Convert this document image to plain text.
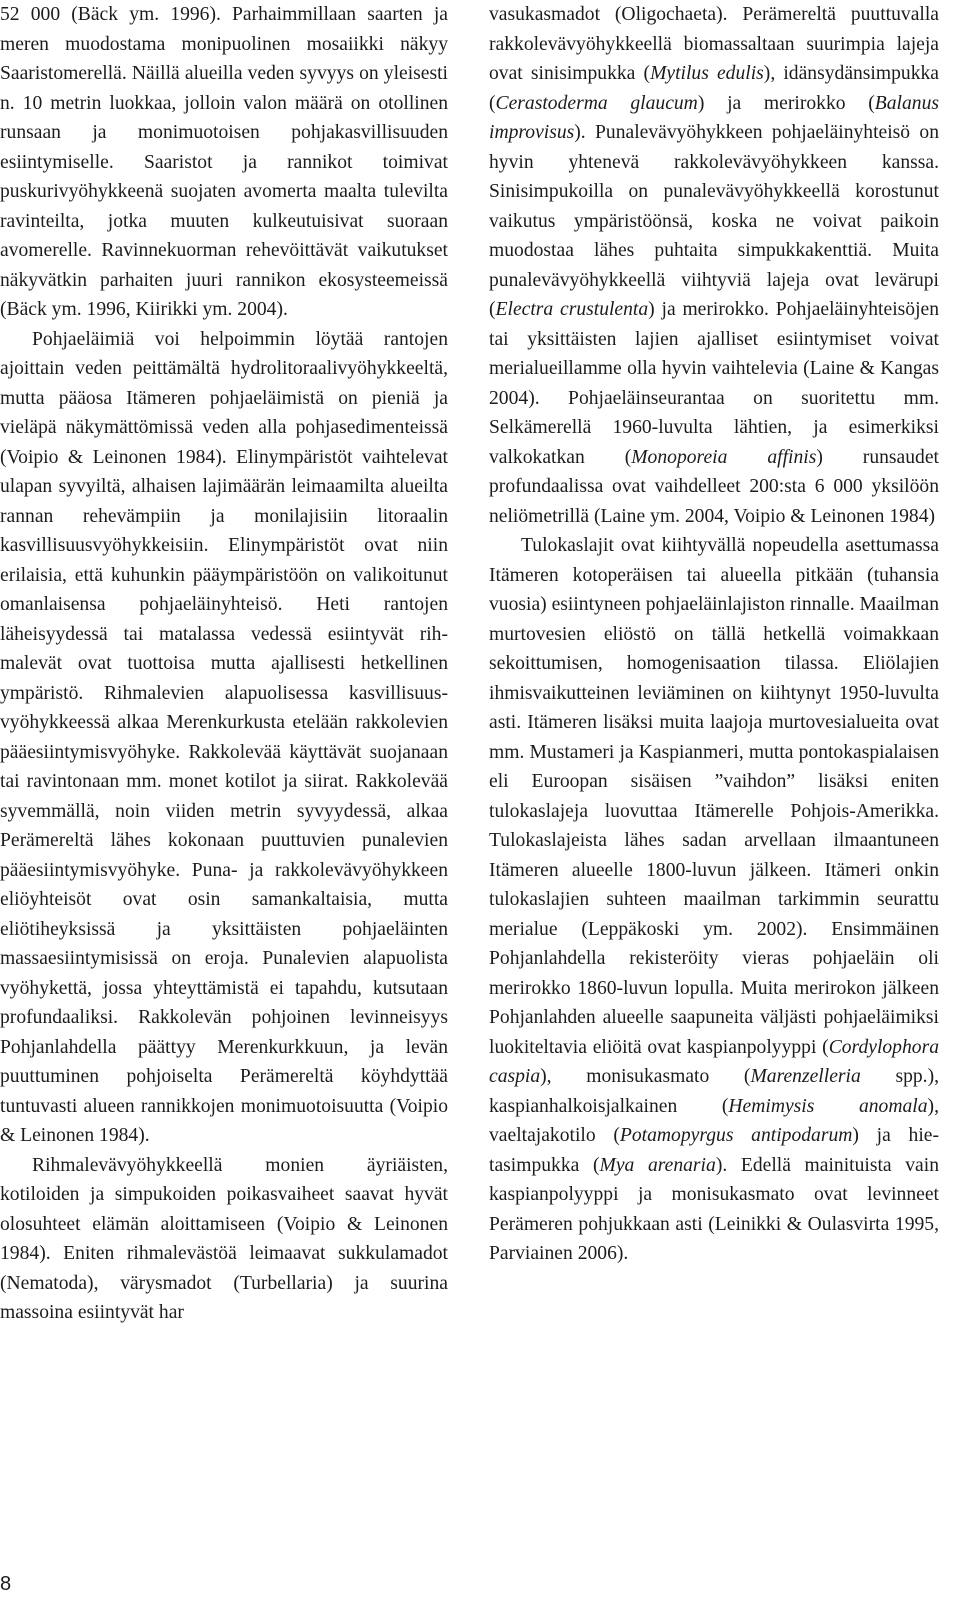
52 000 (Bäck ym. 1996). Parhaimmillaan saarten ja meren muodostama monipuolinen mosaiikki näkyy Saaristomerellä. Näillä alueilla veden syvyys on yleisesti n. 10 metrin luokkaa, jolloin valon määrä on otollinen runsaan ja monimuotoisen pohjakasvillisuuden esiintymiselle. Saaristot ja rannikot toimivat puskurivyöhykkeenä suojaten avomerta maalta tulevilta ravinteilta, jotka muuten kulkeutuisivat suoraan avomerelle. Ravinnekuorman rehevöittävät vaikutukset näkyvätkin parhaiten juuri rannikon ekosysteemeissä (Bäck ym. 1996, Kiirikki ym. 2004).

Pohjaeläimiä voi helpoimmin löytää rantojen ajoittain veden peittämältä hydrolitoraalivyöhykkeeltä, mutta pääosa Itämeren pohjaeläimistä on pieniä ja vieläpä näkymättömissä veden alla pohjasedimenteissä (Voipio & Leinonen 1984). Elinympäristöt vaihtelevat ulapan syvyiltä, alhaisen lajimäärän leimaamilta alueilta rannan rehevämpiin ja monilajisiin litoraalin kasvillisuusvyöhykkeisiin. Elinympäristöt ovat niin erilaisia, että kuhunkin pääympäristöön on valikoitunut omanlaisensa pohjaeläinyhteisö. Heti rantojen läheisyydessä tai matalassa vedessä esiintyvät rihmalevät ovat tuottoisa mutta ajallisesti hetkellinen ympäristö. Rihmalevien alapuolisessa kasvillisuusvyöhykkeessä alkaa Merenkurkusta etelään rakkolevien pääesiintymisvyöhyke. Rakkolevää käyttävät suojanaan tai ravintonaan mm. monet kotilot ja siirat. Rakkolevää syvemmällä, noin viiden metrin syvyydessä, alkaa Perämereltä lähes kokonaan puuttuvien punalevien pääesiintymisvyöhyke. Puna- ja rakkolevävyöhykkeen eliöyhteisöt ovat osin samankaltaisia, mutta eliötiheyksissä ja yksittäisten pohjaeläinten massaesiintymisissä on eroja. Punalevien alapuolista vyöhykettä, jossa yhteyttämistä ei tapahdu, kutsutaan profundaaliksi. Rakkolevän pohjoinen levinneisyys Pohjanlahdella päättyy Merenkurkkuun, ja levän puuttuminen pohjoiselta Perämereltä köyhdyttää tuntuvasti alueen rannikkojen monimuotoisuutta (Voipio & Leinonen 1984).

Rihmalevävyöhykkeellä monien äyriäisten, kotiloiden ja simpukoiden poikasvaiheet saavat hyvät olosuhteet elämän aloittamiseen (Voipio & Leinonen 1984). Eniten rihmalevästöä leimaavat sukkulamadot (Nematoda), värysmadot (Turbellaria) ja suurina massoina esiintyvät har

vasukasmadot (Oligochaeta). Perämereltä puuttuvalla rakkolevävyöhykkeellä biomassaltaan suurimpia lajeja ovat sinisimpukka (Mytilus edulis), idänsydänsimpukka (Cerastoderma glaucum) ja merirokko (Balanus improvisus). Punalevävyöhykkeen pohjaeläinyhteisö on hyvin yhtenevä rakkolevävyöhykkeen kanssa. Sinisimpukoilla on punalevävyöhykkeellä korostunut vaikutus ympäristöönsä, koska ne voivat paikoin muodostaa lähes puhtaita simpukkakenttiä. Muita punalevävyöhykkeellä viihtyviä lajeja ovat levärupi (Electra crustulenta) ja merirokko. Pohjaeläinyhteisöjen tai yksittäisten lajien ajalliset esiintymiset voivat merialueillamme olla hyvin vaihtelevia (Laine & Kangas 2004). Pohjaeläinseurantaa on suoritettu mm. Selkämerellä 1960-luvulta lähtien, ja esimerkiksi valkokatkan (Monoporeia affinis) runsaudet profundaalissa ovat vaihdelleet 200:sta 6 000 yksilöön neliömetrillä (Laine ym. 2004, Voipio & Leinonen 1984)

Tulokaslajit ovat kiihtyvällä nopeudella asettumassa Itämeren kotoperäisen tai alueella pitkään (tuhansia vuosia) esiintyneen pohjaeläinlajiston rinnalle. Maailman murtovesien eliöstö on tällä hetkellä voimakkaan sekoittumisen, homogenisaation tilassa. Eliölajien ihmisvaikutteinen leviäminen on kiihtynyt 1950-luvulta asti. Itämeren lisäksi muita laajoja murtovesialueita ovat mm. Mustameri ja Kaspianmeri, mutta pontokaspialaisen eli Euroopan sisäisen ”vaihdon” lisäksi eniten tulokaslajeja luovuttaa Itämerelle Pohjois-Amerikka. Tulokaslajeista lähes sadan arvellaan ilmaantuneen Itämeren alueelle 1800-luvun jälkeen. Itämeri onkin tulokaslajien suhteen maailman tarkimmin seurattu merialue (Leppäkoski ym. 2002). Ensimmäinen Pohjanlahdella rekisteröity vieras pohjaeläin oli merirokko 1860-luvun lopulla. Muita merirokon jälkeen Pohjanlahden alueelle saapuneita väljästi pohjaeläimiksi luokiteltavia eliöitä ovat kaspianpolyyppi (Cordylophora caspia), monisukasmato (Marenzelleria spp.), kaspianhalkoisjalkainen (Hemimysis anomala), vaeltajakotilo (Potamopyrgus antipodarum) ja hietasimpukka (Mya arenaria). Edellä mainituista vain kaspianpolyyppi ja monisukasmato ovat levinneet Perämeren pohjukkaan asti (Leinikki & Oulasvirta 1995, Parviainen 2006).

8
